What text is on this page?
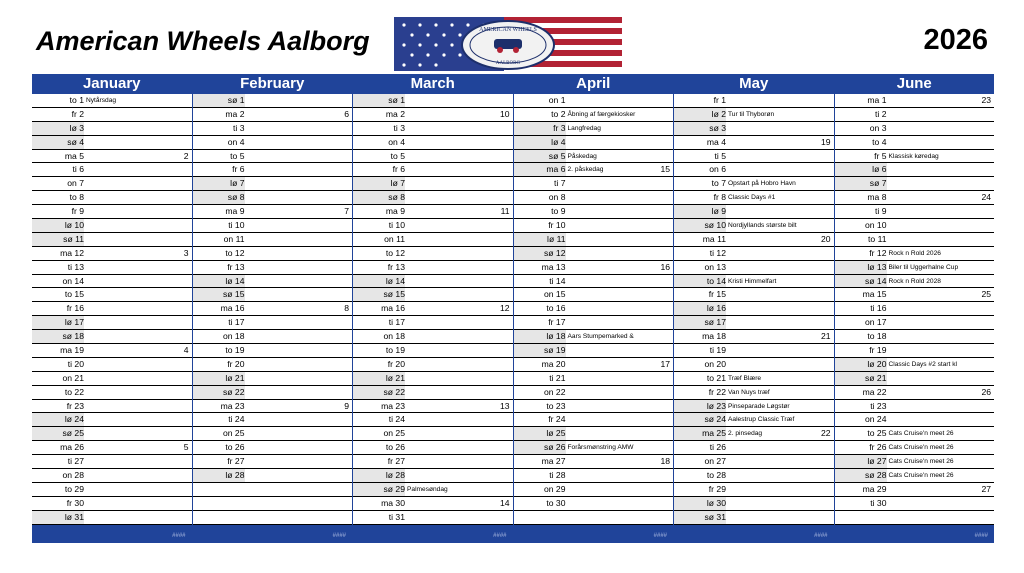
American Wheels Aalborg	AMERICAN WHEELS
AALBORG
2026
January
to 1 Nytårsdag
fr 2
lø 3
sø 4
ma 5	2
ti 6
on 7
to 8
fr 9
lø 10
sø 11
ma 12	3
ti 13
on 14
to 15
fr 16
lø 17
sø 18
ma 19	4
ti 20
on 21
to 22
fr 23
lø 24
sø 25
ma 26	5
ti 27
on 28
to 29
fr 30
lø 31
####
February
sø 1
ma 2	6
ti 3
on 4
to 5
fr 6
lø 7
sø 8
ma 9	7
ti 10
on 11
to 12
fr 13
lø 14
sø 15
ma 16	8
ti 17
on 18
to 19
fr 20
lø 21
sø 22
ma 23	9
ti 24
on 25
to 26
fr 27
lø 28
####
March
sø 1
ma 2	10
ti 3
on 4
to 5
fr 6
lø 7
sø 8
ma 9	11
ti 10
on 11
to 12
fr 13
lø 14
sø 15
ma 16	12
ti 17
on 18
to 19
fr 20
lø 21
sø 22
ma 23	13
ti 24
on 25
to 26
fr 27
lø 28
sø 29 Palmesøndag
ma 30	14
ti 31
####
April
on 1
to 2 Åbning af færgekiosker
fr 3 Langfredag
lø 4
sø 5 Påskedag
ma 6 2. påskedag	15
ti 7
on 8
to 9
fr 10
lø 11
sø 12
ma 13	16
ti 14
on 15
to 16
fr 17
lø 18 Aars Stumpemarked &
sø 19
ma 20	17
ti 21
on 22
to 23
fr 24
lø 25
sø 26 Forårsmønstring AMW
ma 27	18
ti 28
on 29
to 30
####
May
fr 1
lø 2 Tur til Thyborøn
sø 3
ma 4	19
ti 5
on 6
to 7 Opstart på Hobro Havn
fr 8 Classic Days #1
lø 9
sø 10 Nordjyllands største bilt
ma 11	20
ti 12
on 13
to 14 Kristi Himmelfart
fr 15
lø 16
sø 17
ma 18	21
ti 19
on 20
to 21 Træf Blære
fr 22 Van Nuys træf
lø 23 Pinseparade Løgstør
sø 24 Aalestrup Classic Træf
ma 25 2. pinsedag	22
ti 26
on 27
to 28
fr 29
lø 30
sø 31
####
June
ma 1	23
ti 2
on 3
to 4
fr 5 Klassisk køredag
lø 6
sø 7
ma 8	24
ti 9
on 10
to 11
fr 12 Rock n Rold 2026
lø 13 Biler til Uggerhalne Cup
sø 14 Rock n Rold 2028
ma 15	25
ti 16
on 17
to 18
fr 19
lø 20 Classic Days #2 start kl
sø 21
ma 22	26
ti 23
on 24
to 25 Cats Cruise'n meet 26
fr 26 Cats Cruise'n meet 26
lø 27 Cats Cruise'n meet 26
sø 28 Cats Cruise'n meet 26
ma 29	27
ti 30
####
